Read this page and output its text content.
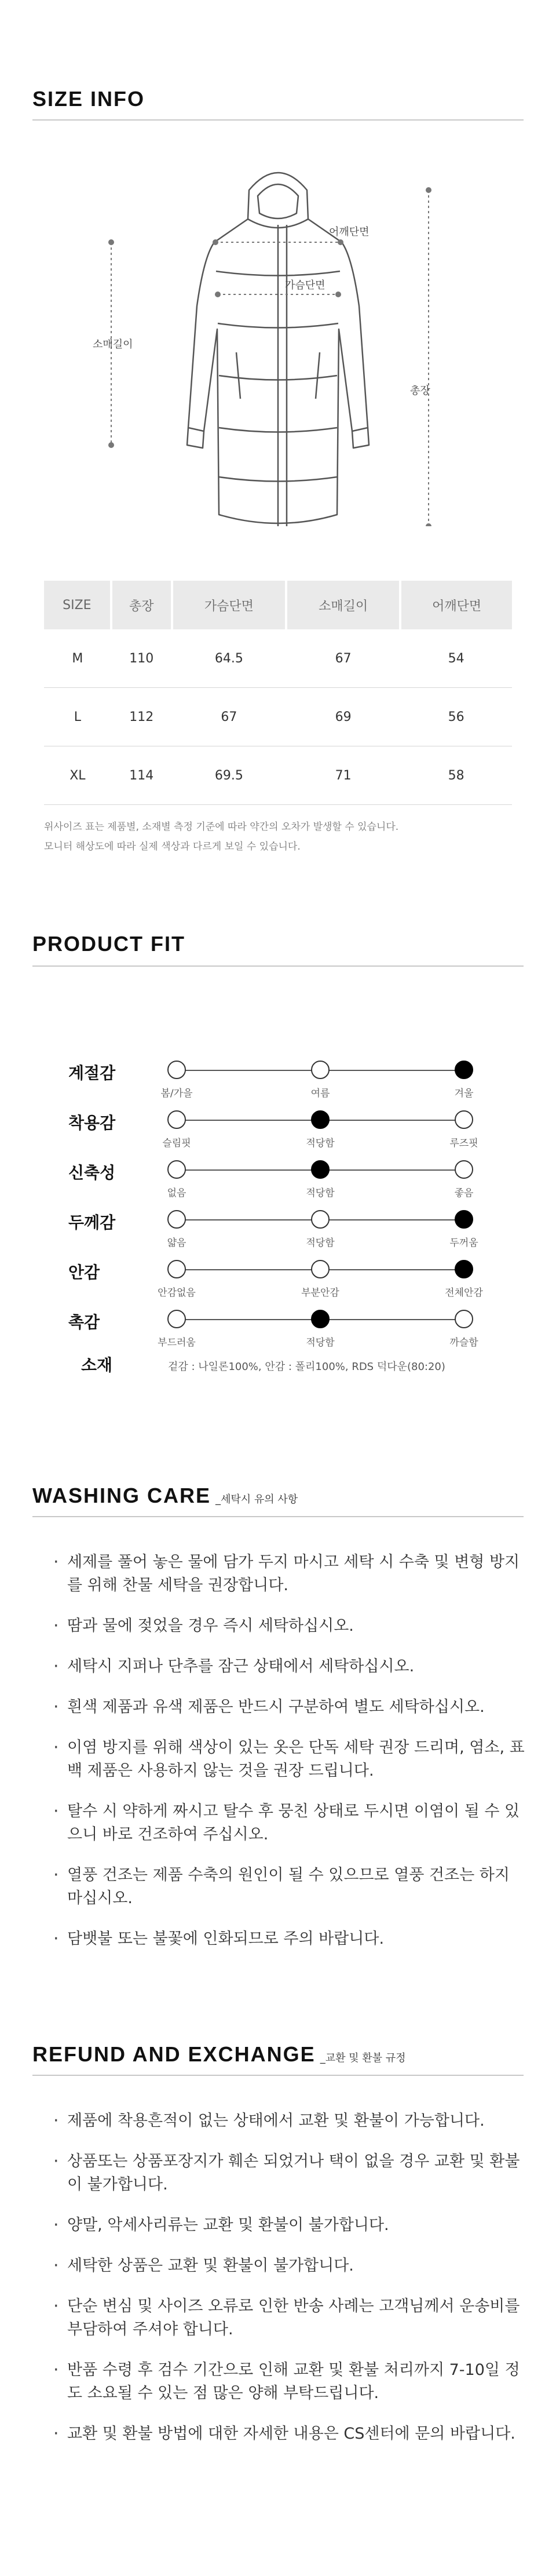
SIZE INFO
어깨단면
가슴단면
소매길이
총장
SIZE	총장	가슴단면	소매길이	어깨단면
M	110	64.5	67	54
L	112	67	69	56
XL	114	69.5	71	58
위사이즈 표는 제품별, 소재별 측정 기준에 따라 약간의 오차가 발생할 수 있습니다.
모니터 해상도에 따라 실제 색상과 다르게 보일 수 있습니다.
PRODUCT FIT
계절감
봄/가을	여름	겨울
착용감
슬림핏	적당함	루즈핏
신축성
없음	적당함	좋음
두께감
얇음	적당함	두꺼움
안감
안감없음	부분안감	전체안감
촉감
부드러움	적당함	까슬함
소재	겉감 : 나일론100%, 안감 : 폴리100%, RDS 덕다운(80:20)
WASHING CARE _세탁시 유의 사항
· 세제를 풀어 놓은 물에 담가 두지 마시고 세탁 시 수축 및 변형 방지를 위해 찬물 세탁을 권장합니다.
· 땀과 물에 젖었을 경우 즉시 세탁하십시오.
· 세탁시 지퍼나 단추를 잠근 상태에서 세탁하십시오.
· 흰색 제품과 유색 제품은 반드시 구분하여 별도 세탁하십시오.
· 이염 방지를 위해 색상이 있는 옷은 단독 세탁 권장 드리며, 염소, 표백 제품은 사용하지 않는 것을 권장 드립니다.
· 탈수 시 약하게 짜시고 탈수 후 뭉친 상태로 두시면 이염이 될 수 있으니 바로 건조하여 주십시오.
· 열풍 건조는 제품 수축의 원인이 될 수 있으므로 열풍 건조는 하지 마십시오.
· 담뱃불 또는 불꽃에 인화되므로 주의 바랍니다.
REFUND AND EXCHANGE _교환 및 환불 규정
· 제품에 착용흔적이 없는 상태에서 교환 및 환불이 가능합니다.
· 상품또는 상품포장지가 훼손 되었거나 택이 없을 경우 교환 및 환불이 불가합니다.
· 양말, 악세사리류는 교환 및 환불이 불가합니다.
· 세탁한 상품은 교환 및 환불이 불가합니다.
· 단순 변심 및 사이즈 오류로 인한 반송 사례는 고객님께서 운송비를 부담하여 주셔야 합니다.
· 반품 수령 후 검수 기간으로 인해 교환 및 환불 처리까지 7-10일 정도 소요될 수 있는 점 많은 양해 부탁드립니다.
· 교환 및 환불 방법에 대한 자세한 내용은 CS센터에 문의 바랍니다.
